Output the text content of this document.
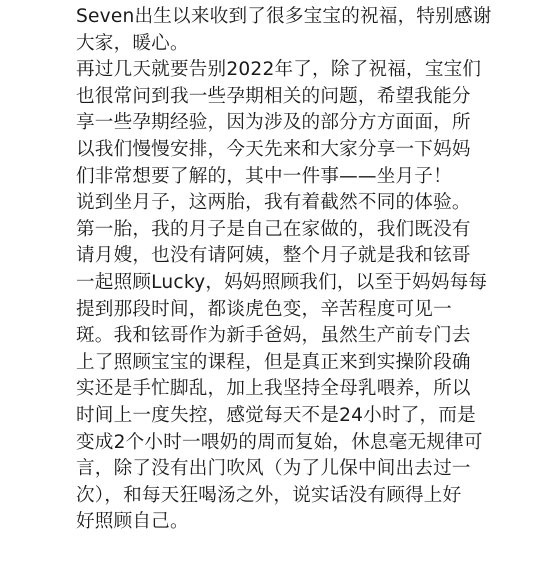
Seven出生以来收到了很多宝宝的祝福，特别感谢
大家，暖心。
再过几天就要告别2022年了，除了祝福，宝宝们
也很常问到我一些孕期相关的问题，希望我能分
享一些孕期经验，因为涉及的部分方方面面，所
以我们慢慢安排，今天先来和大家分享一下妈妈
们非常想要了解的，其中一件事——坐月子！
说到坐月子，这两胎，我有着截然不同的体验。
第一胎，我的月子是自己在家做的，我们既没有
请月嫂，也没有请阿姨，整个月子就是我和铉哥
一起照顾Lucky，妈妈照顾我们，以至于妈妈每每
提到那段时间，都谈虎色变，辛苦程度可见一
斑。我和铉哥作为新手爸妈，虽然生产前专门去
上了照顾宝宝的课程，但是真正来到实操阶段确
实还是手忙脚乱，加上我坚持全母乳喂养，所以
时间上一度失控，感觉每天不是24小时了，而是
变成2个小时一喂奶的周而复始，休息毫无规律可
言，除了没有出门吹风（为了儿保中间出去过一
次），和每天狂喝汤之外，说实话没有顾得上好
好照顾自己。
